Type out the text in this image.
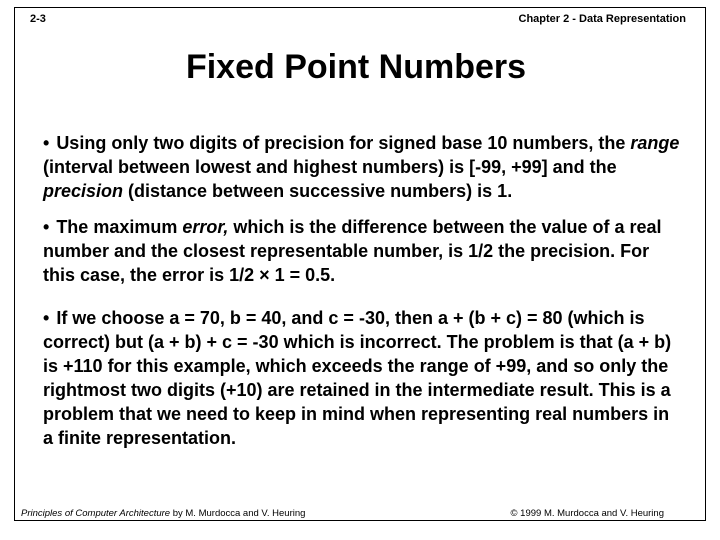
2-3	Chapter 2 - Data Representation
Fixed Point Numbers

• Using only two digits of precision for signed base 10 numbers, the range (interval between lowest and highest numbers) is [-99, +99] and the precision (distance between successive numbers) is 1.

• The maximum error, which is the difference between the value of a real number and the closest representable number, is 1/2 the precision. For this case, the error is 1/2 × 1 = 0.5.

• If we choose a = 70, b = 40, and c = -30, then a + (b + c) = 80 (which is correct) but (a + b) + c = -30 which is incorrect. The problem is that (a + b) is +110 for this example, which exceeds the range of +99, and so only the rightmost two digits (+10) are retained in the intermediate result. This is a problem that we need to keep in mind when representing real numbers in a finite representation.

Principles of Computer Architecture by M. Murdocca and V. Heuring	© 1999 M. Murdocca and V. Heuring
